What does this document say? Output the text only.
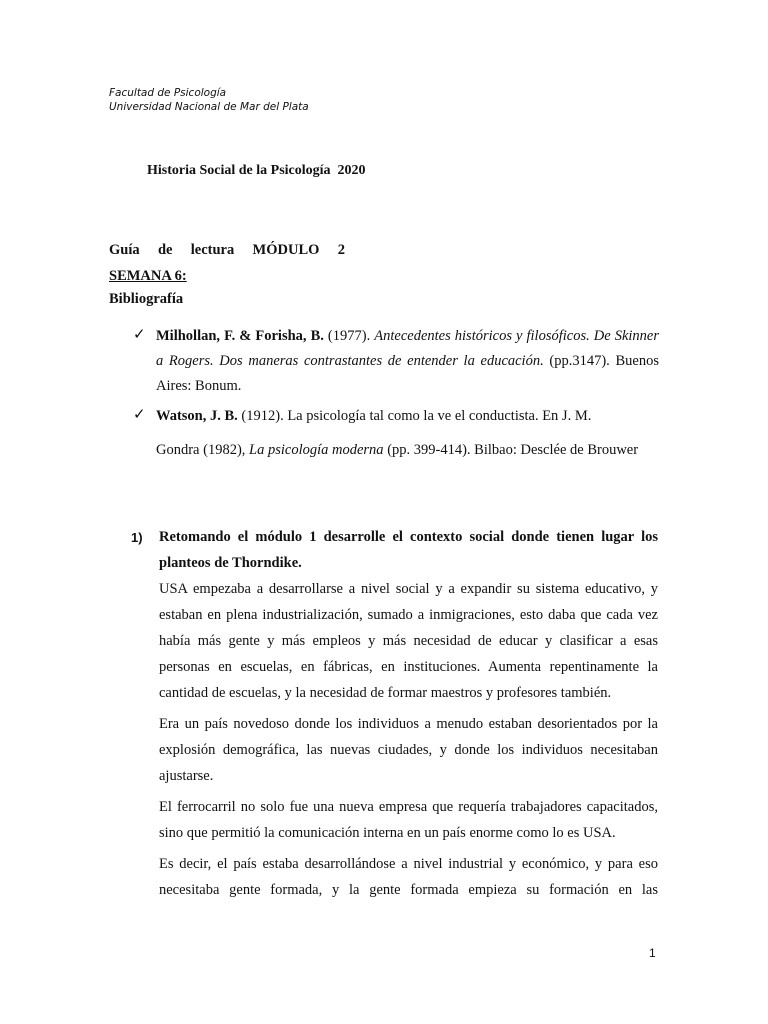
Facultad de Psicología
Universidad Nacional de Mar del Plata
Historia Social de la Psicología  2020
Guía de lectura MÓDULO 2
SEMANA 6:
Bibliografía
✓ Milhollan, F. & Forisha, B. (1977). Antecedentes históricos y filosóficos. De Skinner a Rogers. Dos maneras contrastantes de entender la educación. (pp.3147). Buenos Aires: Bonum.
✓ Watson, J. B. (1912). La psicología tal como la ve el conductista. En J. M.
Gondra (1982), La psicología moderna (pp. 399-414). Bilbao: Desclée de Brouwer
1) Retomando el módulo 1 desarrolle el contexto social donde tienen lugar los planteos de Thorndike.

USA empezaba a desarrollarse a nivel social y a expandir su sistema educativo, y estaban en plena industrialización, sumado a inmigraciones, esto daba que cada vez había más gente y más empleos y más necesidad de educar y clasificar a esas personas en escuelas, en fábricas, en instituciones. Aumenta repentinamente la cantidad de escuelas, y la necesidad de formar maestros y profesores también.

Era un país novedoso donde los individuos a menudo estaban desorientados por la explosión demográfica, las nuevas ciudades, y donde los individuos necesitaban ajustarse.

El ferrocarril no solo fue una nueva empresa que requería trabajadores capacitados, sino que permitió la comunicación interna en un país enorme como lo es USA.

Es decir, el país estaba desarrollándose a nivel industrial y económico, y para eso necesitaba gente formada, y la gente formada empieza su formación en las

1
